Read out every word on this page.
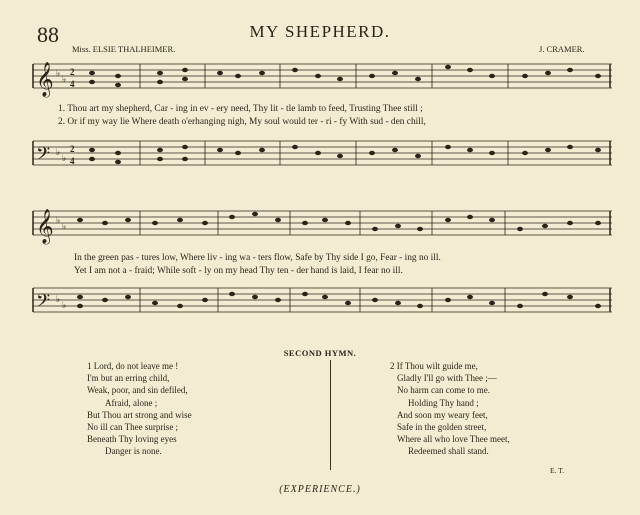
88	MY SHEPHERD.
Miss. ELSIE THALHEIMER.	J. CRAMER.
𝄞 ♭
♭
2
4
1. Thou art my shepherd, Car - ing in ev - ery need, Thy lit - tle lamb to feed, Trusting Thee still ;
2. Or if my way lie Where death o'erhanging nigh, My soul would ter - ri - fy With sud - den chill,
𝄢 ♭
♭
2
4
𝄞 ♭
♭
In the green pas - tures low, Where liv - ing wa - ters flow, Safe by Thy side I go, Fear - ing no ill.
Yet I am not a - fraid; While soft - ly on my head Thy ten - der hand is laid, I fear no ill.
𝄢 ♭
♭
SECOND HYMN.
1 Lord, do not leave me !
I'm but an erring child,
Weak, poor, and sin defiled,
Afraid, alone ;
But Thou art strong and wise
No ill can Thee surprise ;
Beneath Thy loving eyes
Danger is none.
2 If Thou wilt guide me,
Gladly I'll go with Thee ;—
No harm can come to me.
Holding Thy hand ;
And soon my weary feet,
Safe in the golden street,
Where all who love Thee meet,
Redeemed shall stand.
E. T.
(EXPERIENCE.)
